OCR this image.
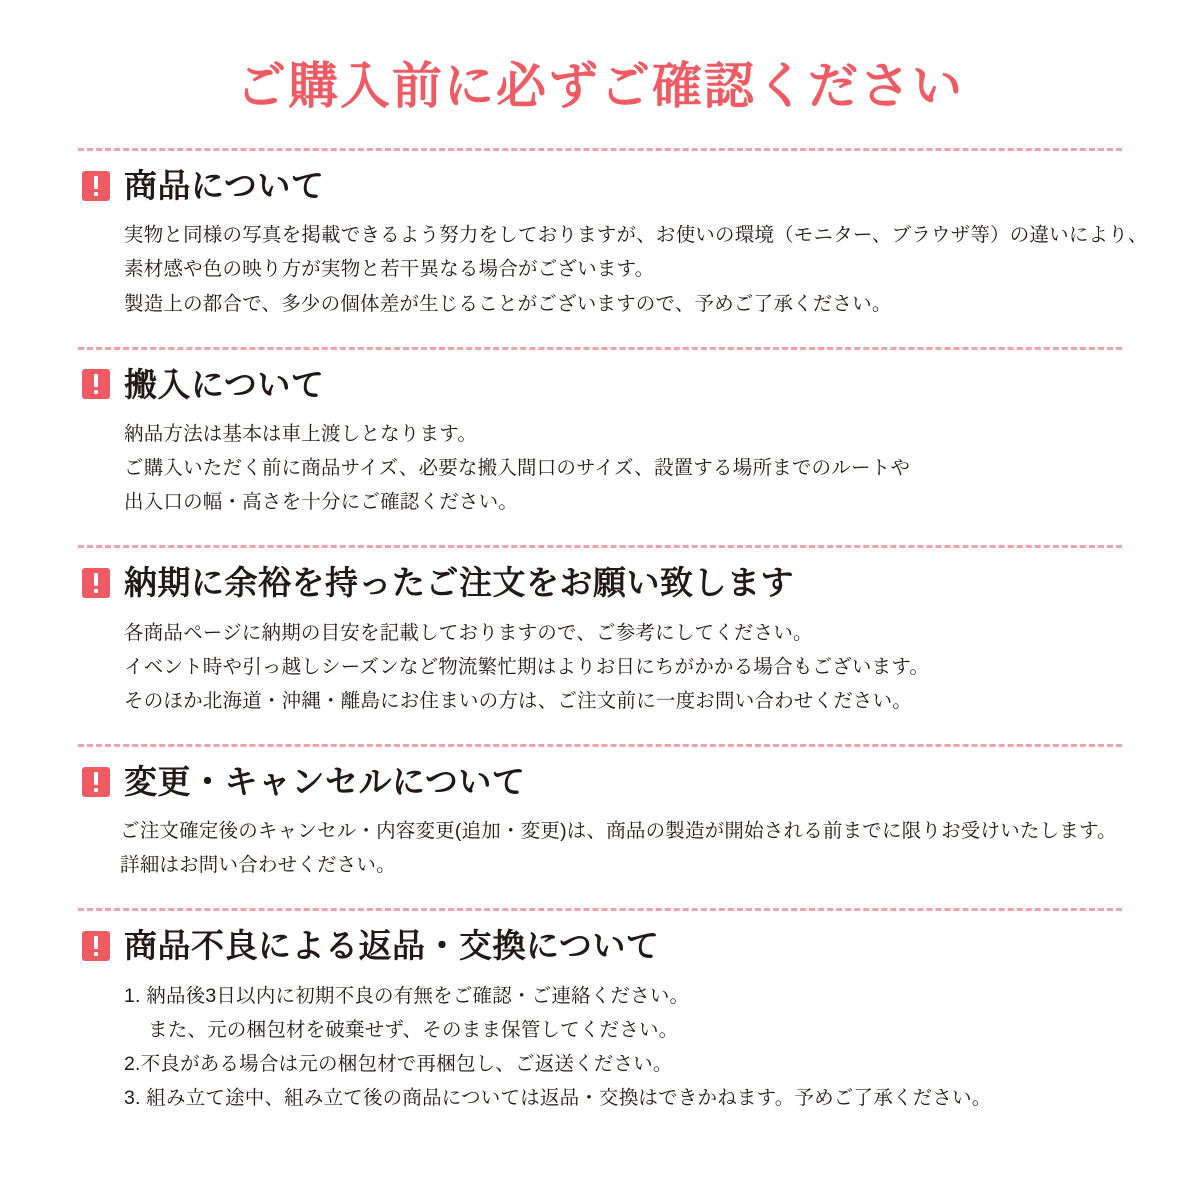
ご購入前に必ずご確認ください
商品について
実物と同様の写真を掲載できるよう努力をしておりますが、お使いの環境（モニター、ブラウザ等）の違いにより、
素材感や色の映り方が実物と若干異なる場合がございます。
製造上の都合で、多少の個体差が生じることがございますので、予めご了承ください。
搬入について
納品方法は基本は車上渡しとなります。
ご購入いただく前に商品サイズ、必要な搬入間口のサイズ、設置する場所までのルートや
出入口の幅・高さを十分にご確認ください。
納期に余裕を持ったご注文をお願い致します
各商品ページに納期の目安を記載しておりますので、ご参考にしてください。
イベント時や引っ越しシーズンなど物流繁忙期はよりお日にちがかかる場合もございます。
そのほか北海道・沖縄・離島にお住まいの方は、ご注文前に一度お問い合わせください。
変更・キャンセルについて
ご注文確定後のキャンセル・内容変更(追加・変更)は、商品の製造が開始される前までに限りお受けいたします。
詳細はお問い合わせください。
商品不良による返品・交換について
1. 納品後3日以内に初期不良の有無をご確認・ご連絡ください。
また、元の梱包材を破棄せず、そのまま保管してください。
2.不良がある場合は元の梱包材で再梱包し、ご返送ください。
3. 組み立て途中、組み立て後の商品については返品・交換はできかねます。予めご了承ください。
